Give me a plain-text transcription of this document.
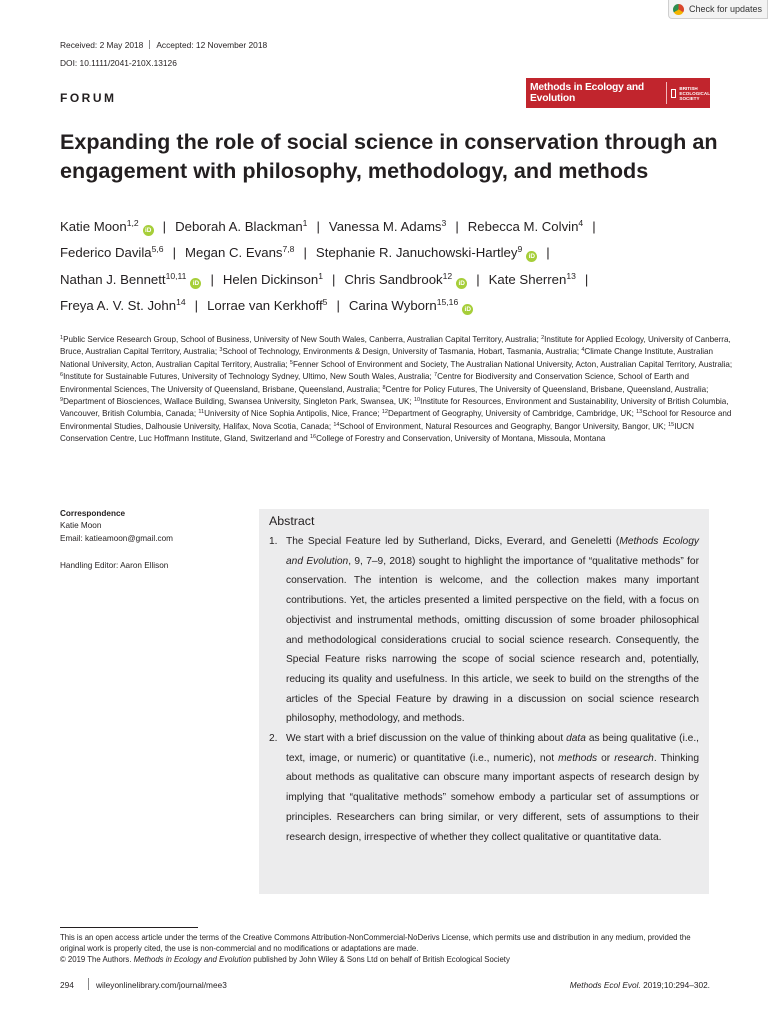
Check for updates
Received: 2 May 2018 Accepted: 12 November 2018
DOI: 10.1111/2041-210X.13126
FORUM
Methods in Ecology and Evolution
BRITISH
ECOLOGICAL
SOCIETY
Expanding the role of social science in conservation through an engagement with philosophy, methodology, and methods
Katie Moon$^{1,2}$iD | Deborah A. Blackman$^1$ | Vanessa M. Adams$^3$ | Rebecca M. Colvin$^4$ |
Federico Davila$^{5,6}$ | Megan C. Evans$^{7,8}$ | Stephanie R. Januchowski-Hartley$^9$iD |
Nathan J. Bennett$^{10,11}$iD | Helen Dickinson$^1$ | Chris Sandbrook$^{12}$iD | Kate Sherren$^{13}$ |
Freya A. V. St. John$^{14}$ | Lorrae van Kerkhoff$^5$ | Carina Wyborn$^{15,16}$iD
$^1$Public Service Research Group, School of Business, University of New South Wales, Canberra, Australian Capital Territory, Australia; $^2$Institute for Applied Ecology, University of Canberra, Bruce, Australian Capital Territory, Australia; $^3$School of Technology, Environments & Design, University of Tasmania, Hobart, Tasmania, Australia; $^4$Climate Change Institute, Australian National University, Acton, Australian Capital Territory, Australia; $^5$Fenner School of Environment and Society, The Australian National University, Acton, Australian Capital Territory, Australia; $^6$Institute for Sustainable Futures, University of Technology Sydney, Ultimo, New South Wales, Australia; $^7$Centre for Biodiversity and Conservation Science, School of Earth and Environmental Sciences, The University of Queensland, Brisbane, Queensland, Australia; $^8$Centre for Policy Futures, The University of Queensland, Brisbane, Queensland, Australia; $^9$Department of Biosciences, Wallace Building, Swansea University, Singleton Park, Swansea, UK; $^{10}$Institute for Resources, Environment and Sustainability, University of British Columbia, Vancouver, British Columbia, Canada; $^{11}$University of Nice Sophia Antipolis, Nice, France; $^{12}$Department of Geography, University of Cambridge, Cambridge, UK; $^{13}$School for Resource and Environmental Studies, Dalhousie University, Halifax, Nova Scotia, Canada; $^{14}$School of Environment, Natural Resources and Geography, Bangor University, Bangor, UK; $^{15}$IUCN Conservation Centre, Luc Hoffmann Institute, Gland, Switzerland and $^{16}$College of Forestry and Conservation, University of Montana, Missoula, Montana
Correspondence
Katie Moon
Email: katieamoon@gmail.com
Handling Editor: Aaron Ellison
Abstract
1. The Special Feature led by Sutherland, Dicks, Everard, and Geneletti (Methods Ecology and Evolution, 9, 7–9, 2018) sought to highlight the importance of “qualitative methods” for conservation. The intention is welcome, and the collection makes many important contributions. Yet, the articles presented a limited perspective on the field, with a focus on objectivist and instrumental methods, omitting discussion of some broader philosophical and methodological considerations crucial to social science research. Consequently, the Special Feature risks narrowing the scope of social science research and, potentially, reducing its quality and usefulness. In this article, we seek to build on the strengths of the articles of the Special Feature by drawing in a discussion on social science research philosophy, methodology, and methods.
2. We start with a brief discussion on the value of thinking about data as being qualitative (i.e., text, image, or numeric) or quantitative (i.e., numeric), not methods or research. Thinking about methods as qualitative can obscure many important aspects of research design by implying that “qualitative methods” somehow embody a particular set of assumptions or principles. Researchers can bring similar, or very different, sets of assumptions to their research design, irrespective of whether they collect qualitative or quantitative data.
This is an open access article under the terms of the Creative Commons Attribution-NonCommercial-NoDerivs License, which permits use and distribution in any medium, provided the original work is properly cited, the use is non-commercial and no modifications or adaptations are made.
© 2019 The Authors. Methods in Ecology and Evolution published by John Wiley & Sons Ltd on behalf of British Ecological Society
294	wileyonlinelibrary.com/journal/mee3	Methods Ecol Evol. 2019;10:294–302.
